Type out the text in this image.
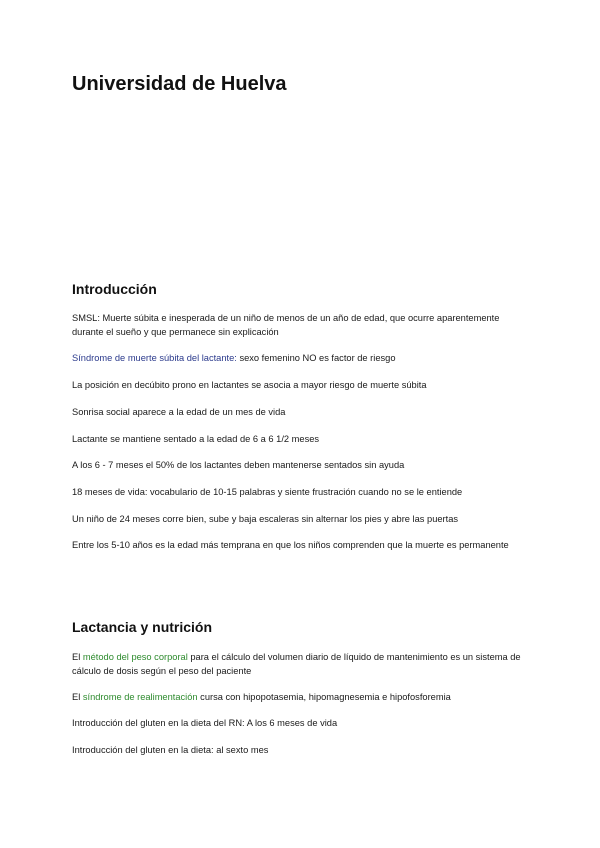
Universidad de Huelva
Introducción

SMSL: Muerte súbita e inesperada de un niño de menos de un año de edad, que ocurre aparentemente durante el sueño y que permanece sin explicación

Síndrome de muerte súbita del lactante: sexo femenino NO es factor de riesgo

La posición en decúbito prono en lactantes se asocia a mayor riesgo de muerte súbita

Sonrisa social aparece a la edad de un mes de vida

Lactante se mantiene sentado a la edad de 6 a 6 1/2 meses

A los 6 - 7 meses el 50% de los lactantes deben mantenerse sentados sin ayuda

18 meses de vida: vocabulario de 10-15 palabras y siente frustración cuando no se le entiende

Un niño de 24 meses corre bien, sube y baja escaleras sin alternar los pies y abre las puertas

Entre los 5-10 años es la edad más temprana en que los niños comprenden que la muerte es permanente

Lactancia y nutrición

El método del peso corporal para el cálculo del volumen diario de líquido de mantenimiento es un sistema de cálculo de dosis según el peso del paciente

El síndrome de realimentación cursa con hipopotasemia, hipomagnesemia e hipofosforemia

Introducción del gluten en la dieta del RN: A los 6 meses de vida

Introducción del gluten en la dieta: al sexto mes
